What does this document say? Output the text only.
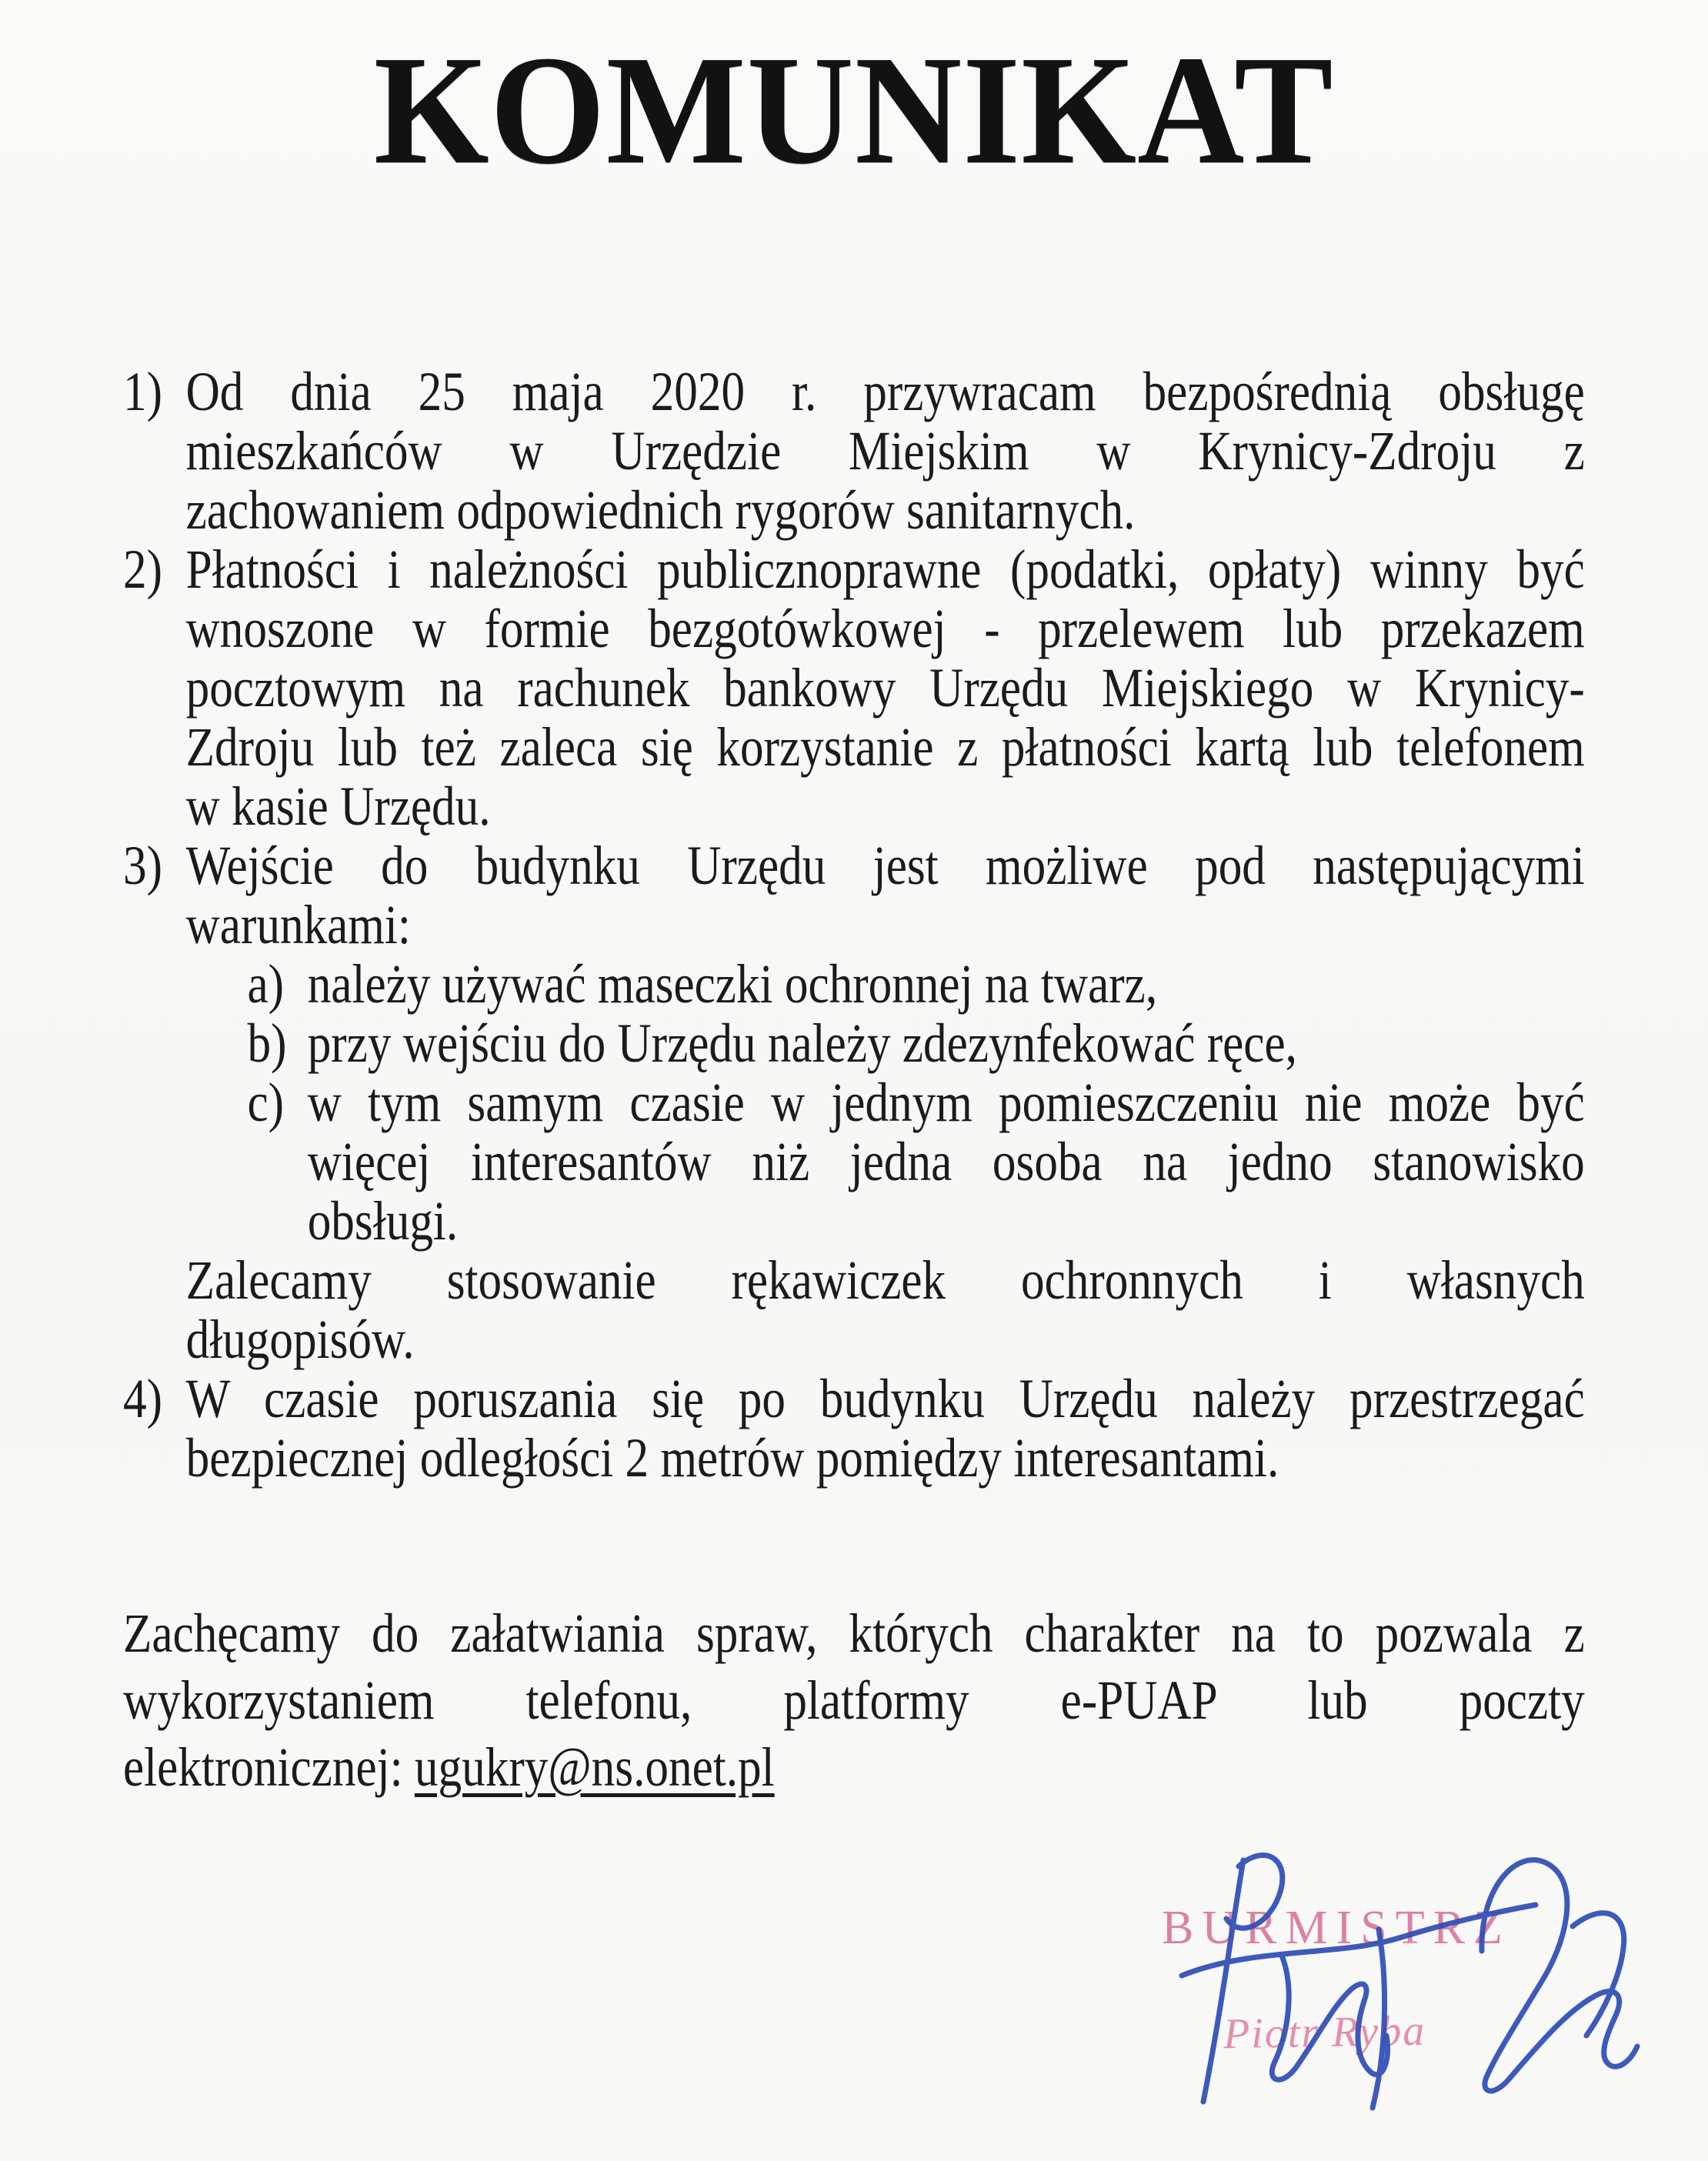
KOMUNIKAT
1) Od dnia 25 maja 2020 r. przywracam bezpośrednią obsługę
mieszkańców w Urzędzie Miejskim w Krynicy-Zdroju z
zachowaniem odpowiednich rygorów sanitarnych.
2) Płatności i należności publicznoprawne (podatki, opłaty) winny być
wnoszone w formie bezgotówkowej - przelewem lub przekazem
pocztowym na rachunek bankowy Urzędu Miejskiego w Krynicy-
Zdroju lub też zaleca się korzystanie z płatności kartą lub telefonem
w kasie Urzędu.
3) Wejście do budynku Urzędu jest możliwe pod następującymi
warunkami:
a) należy używać maseczki ochronnej na twarz,
b) przy wejściu do Urzędu należy zdezynfekować ręce,
c) w tym samym czasie w jednym pomieszczeniu nie może być
więcej interesantów niż jedna osoba na jedno stanowisko
obsługi.
Zalecamy stosowanie rękawiczek ochronnych i własnych
długopisów.
4) W czasie poruszania się po budynku Urzędu należy przestrzegać
bezpiecznej odległości 2 metrów pomiędzy interesantami.
Zachęcamy do załatwiania spraw, których charakter na to pozwala z
wykorzystaniem telefonu, platformy e-PUAP lub poczty
elektronicznej: ugukry@ns.onet.pl
BURMISTRZ
Piotr Ryba
